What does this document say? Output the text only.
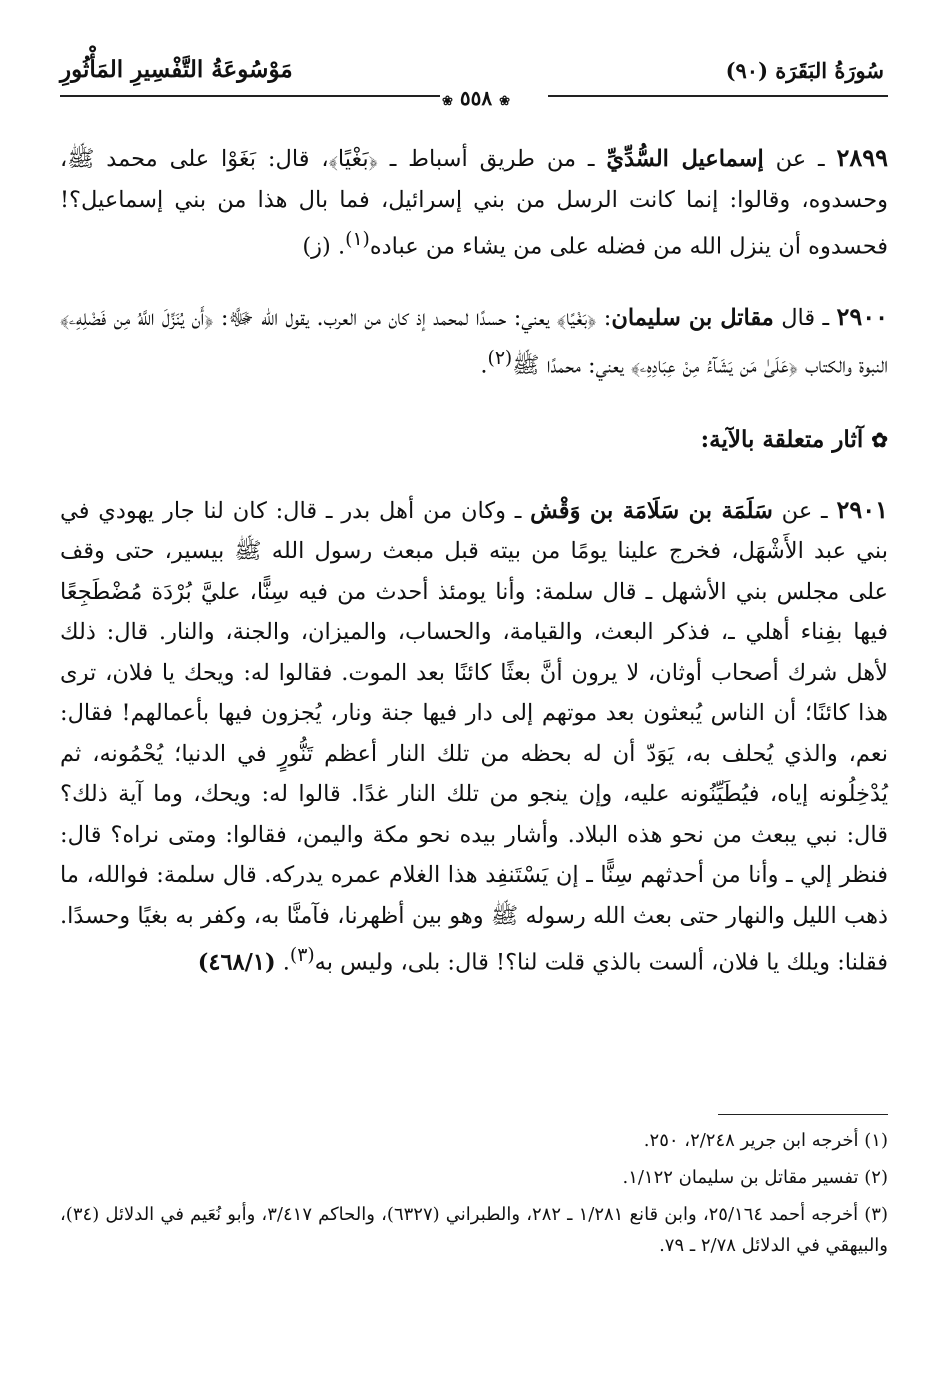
سُورَةُ البَقَرَة (٩٠)
مَوْسُوعَةُ التَّفْسِيرِ المَأْثُورِ
❀ ٥٥٨ ❀

٢٨٩٩ ـ عن إسماعيل السُّدِّيِّ ـ من طريق أسباط ـ ﴿بَغْيًا﴾، قال: بَغَوْا على محمد ﷺ، وحسدوه، وقالوا: إنما كانت الرسل من بني إسرائيل، فما بال هذا من بني إسماعيل؟! فحسدوه أن ينزل الله من فضله على من يشاء من عباده$^{(١)}$. (ز)

٢٩٠٠ ـ قال مقاتل بن سليمان: ﴿بَغْيًا﴾ يعني: حسدًا لمحمد إذ كان من العرب. يقول الله ﷻ: ﴿أَن يُنَزِّلَ اللَّهُ مِن فَضْلِهِۦ﴾ النبوة والكتاب ﴿عَلَىٰ مَن يَشَآءُ مِنْ عِبَادِهِۦ﴾ يعني: محمدًا ﷺ$^{(٢)}$.

✿آثار متعلقة بالآية:

٢٩٠١ ـ عن سَلَمَة بن سَلَامَة بن وَقْش ـ وكان من أهل بدر ـ قال: كان لنا جار يهودي في بني عبد الأَشْهَل، فخرج علينا يومًا من بيته قبل مبعث رسول الله ﷺ بيسير، حتى وقف على مجلس بني الأشهل ـ قال سلمة: وأنا يومئذ أحدث من فيه سِنًّا، عليَّ بُرْدَة مُضْطَجِعًا فيها بفِناء أهلي ـ، فذكر البعث، والقيامة، والحساب، والميزان، والجنة، والنار. قال: ذلك لأهل شرك أصحاب أوثان، لا يرون أنَّ بعثًا كائنًا بعد الموت. فقالوا له: ويحك يا فلان، ترى هذا كائنًا؛ أن الناس يُبعثون بعد موتهم إلى دار فيها جنة ونار، يُجزون فيها بأعمالهم! فقال: نعم، والذي يُحلف به، يَوَدّ أن له بحظه من تلك النار أعظم تَنُّورٍ في الدنيا؛ يُحْمُونه، ثم يُدْخِلُونه إياه، فيُطَيِّنُونه عليه، وإن ينجو من تلك النار غدًا. قالوا له: ويحك، وما آية ذلك؟ قال: نبي يبعث من نحو هذه البلاد. وأشار بيده نحو مكة واليمن، فقالوا: ومتى نراه؟ قال: فنظر إلي ـ وأنا من أحدثهم سِنًّا ـ إن يَسْتَنفِد هذا الغلام عمره يدركه. قال سلمة: فوالله، ما ذهب الليل والنهار حتى بعث الله رسوله ﷺ وهو بين أظهرنا، فآمنَّا به، وكفر به بغيًا وحسدًا. فقلنا: ويلك يا فلان، ألست بالذي قلت لنا؟! قال: بلى، وليس به$^{(٣)}$. (٤٦٨/١)

(١) أخرجه ابن جرير ٢/٢٤٨، ٢٥٠.

(٢) تفسير مقاتل بن سليمان ١/١٢٢.

(٣) أخرجه أحمد ٢٥/١٦٤، وابن قانع ١/٢٨١ ـ ٢٨٢، والطبراني (٦٣٢٧)، والحاكم ٣/٤١٧، وأبو نُعَيم في الدلائل (٣٤)، والبيهقي في الدلائل ٢/٧٨ ـ ٧٩.
